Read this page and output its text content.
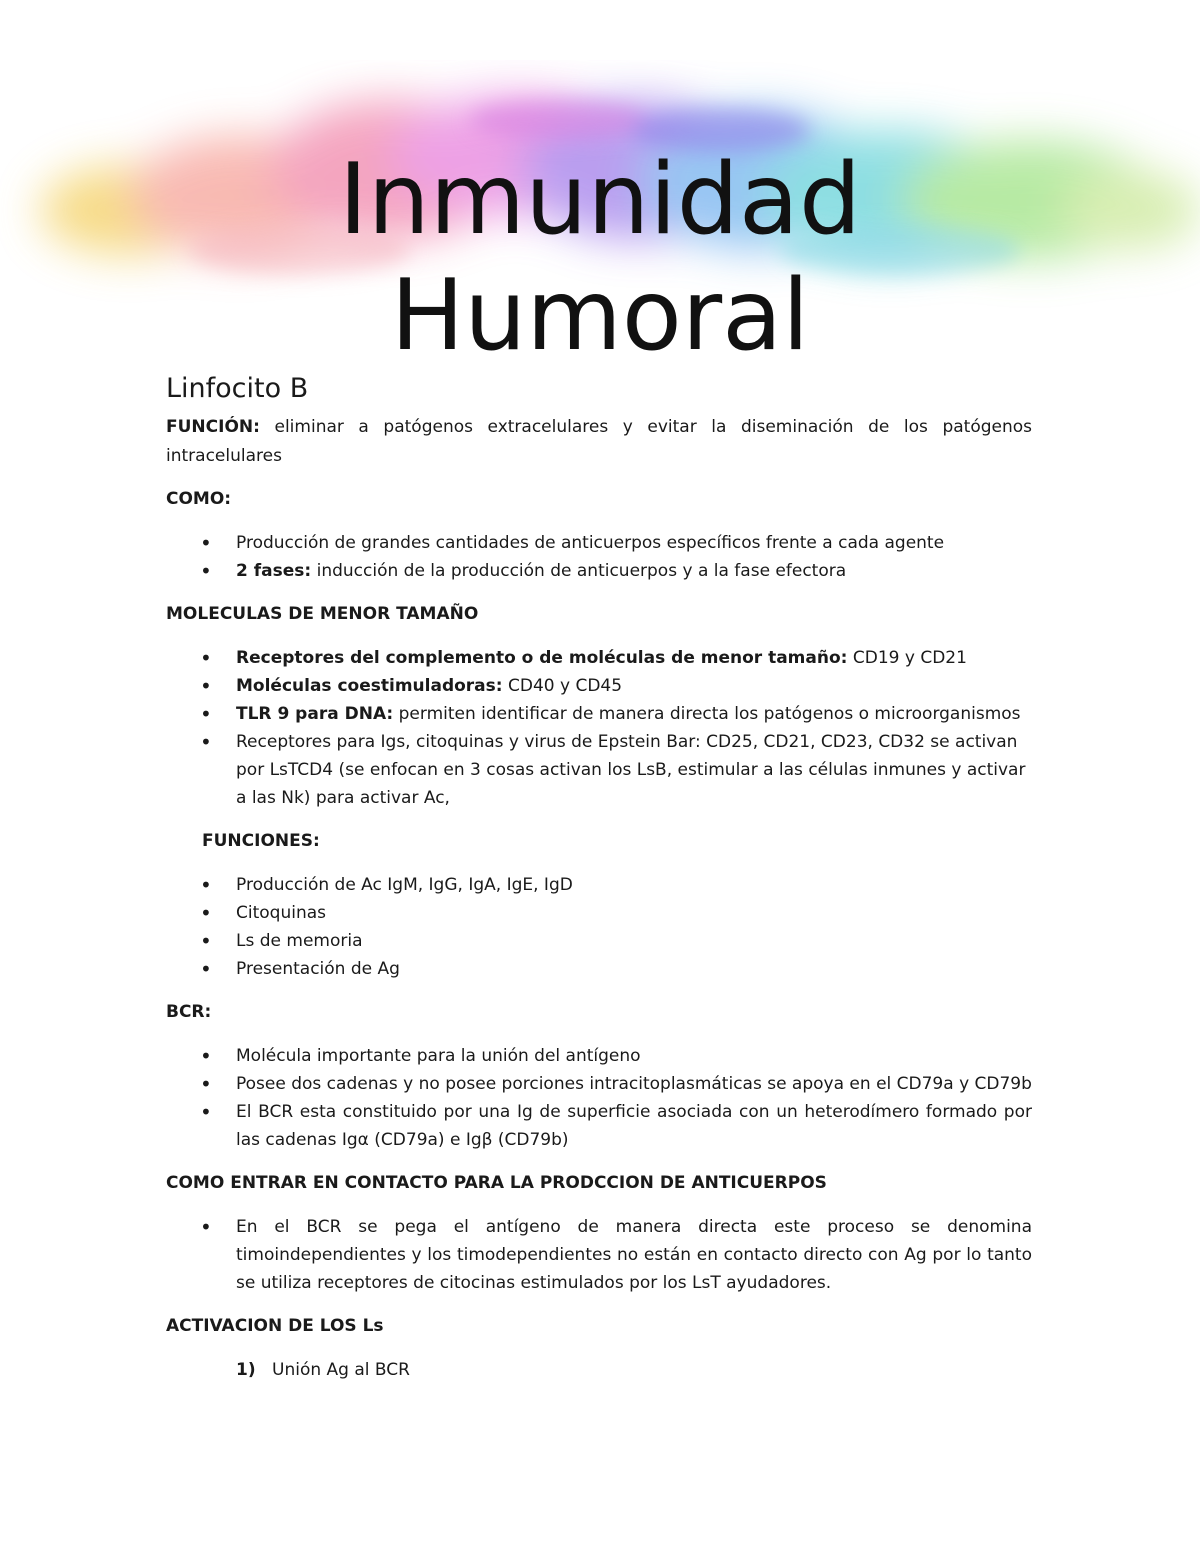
Inmunidad
Humoral
Linfocito B

FUNCIÓN: eliminar a patógenos extracelulares y evitar la diseminación de los patógenos intracelulares

COMO:

• Producción de grandes cantidades de anticuerpos específicos frente a cada agente
• 2 fases: inducción de la producción de anticuerpos y a la fase efectora

MOLECULAS DE MENOR TAMAÑO

• Receptores del complemento o de moléculas de menor tamaño: CD19 y CD21
• Moléculas coestimuladoras: CD40 y CD45
• TLR 9 para DNA: permiten identificar de manera directa los patógenos o microorganismos
• Receptores para Igs, citoquinas y virus de Epstein Bar: CD25, CD21, CD23, CD32 se activan por LsTCD4 (se enfocan en 3 cosas activan los LsB, estimular a las células inmunes y activar a las Nk) para activar Ac,

FUNCIONES:

• Producción de Ac IgM, IgG, IgA, IgE, IgD
• Citoquinas
• Ls de memoria
• Presentación de Ag

BCR:

• Molécula importante para la unión del antígeno
• Posee dos cadenas y no posee porciones intracitoplasmáticas se apoya en el CD79a y CD79b
• El BCR esta constituido por una Ig de superficie asociada con un heterodímero formado por las cadenas Igα (CD79a) e Igβ (CD79b)

COMO ENTRAR EN CONTACTO PARA LA PRODCCION DE ANTICUERPOS

• En el BCR se pega el antígeno de manera directa este proceso se denomina timoindependientes y los timodependientes no están en contacto directo con Ag por lo tanto se utiliza receptores de citocinas estimulados por los LsT ayudadores.

ACTIVACION DE LOS Ls

1) Unión Ag al BCR
